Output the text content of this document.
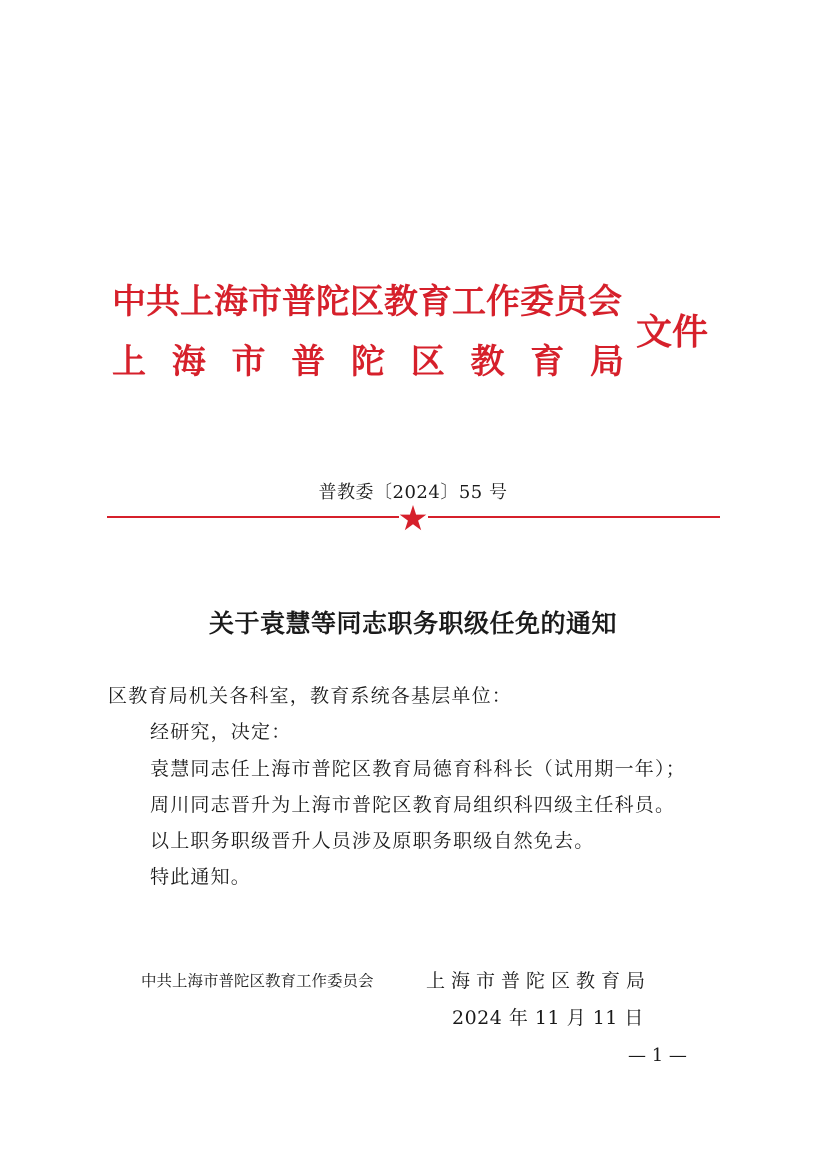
中共上海市普陀区教育工作委员会
上 海 市 普 陀 区 教 育 局
文件
普教委〔2024〕55 号
关于袁慧等同志职务职级任免的通知
区教育局机关各科室，教育系统各基层单位：
经研究，决定：
袁慧同志任上海市普陀区教育局德育科科长（试用期一年）；
周川同志晋升为上海市普陀区教育局组织科四级主任科员。
以上职务职级晋升人员涉及原职务职级自然免去。
特此通知。
中共上海市普陀区教育工作委员会	上海市普陀区教育局
2024 年 11 月 11 日
— 1 —
